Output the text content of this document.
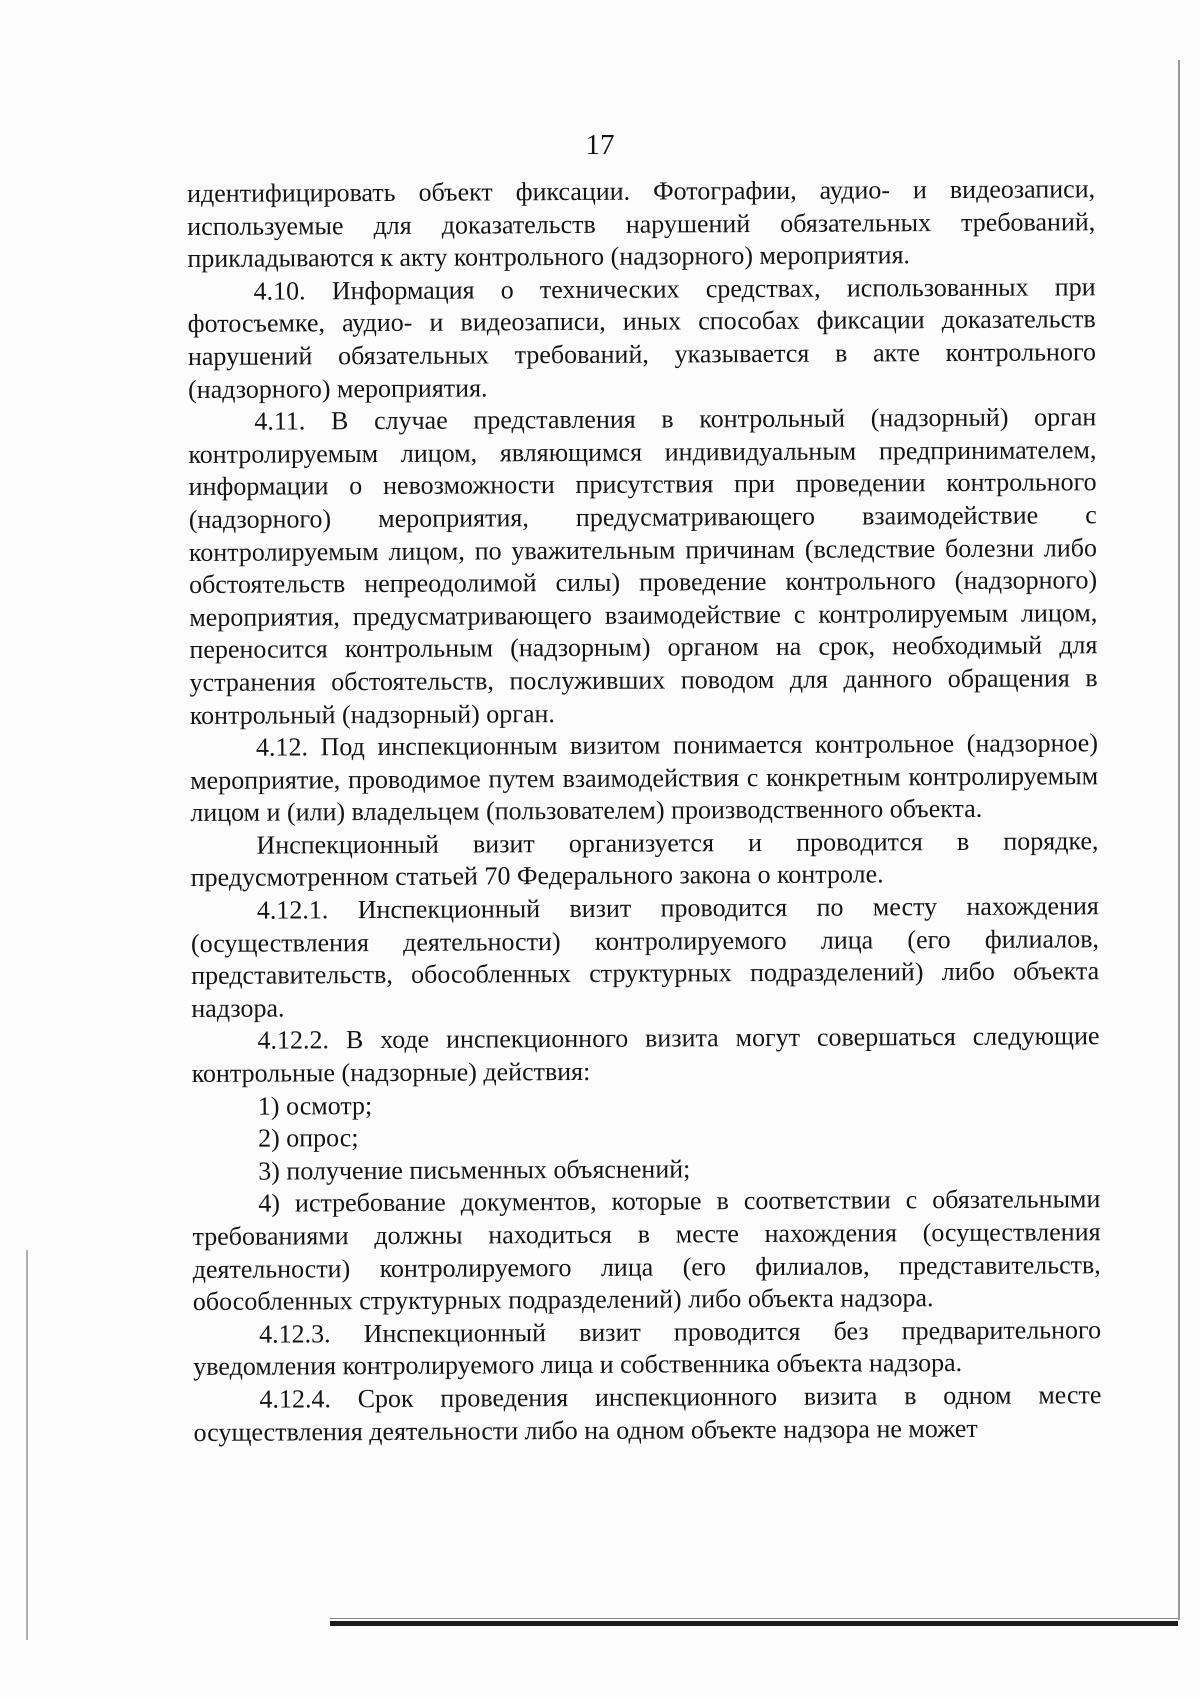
17

идентифицировать объект фиксации. Фотографии, аудио- и видеозаписи, используемые для доказательств нарушений обязательных требований, прикладываются к акту контрольного (надзорного) мероприятия.

4.10. Информация о технических средствах, использованных при фотосъемке, аудио- и видеозаписи, иных способах фиксации доказательств нарушений обязательных требований, указывается в акте контрольного (надзорного) мероприятия.

4.11. В случае представления в контрольный (надзорный) орган контролируемым лицом, являющимся индивидуальным предпринимателем, информации о невозможности присутствия при проведении контрольного (надзорного) мероприятия, предусматривающего взаимодействие с контролируемым лицом, по уважительным причинам (вследствие болезни либо обстоятельств непреодолимой силы) проведение контрольного (надзорного) мероприятия, предусматривающего взаимодействие с контролируемым лицом, переносится контрольным (надзорным) органом на срок, необходимый для устранения обстоятельств, послуживших поводом для данного обращения в контрольный (надзорный) орган.

4.12. Под инспекционным визитом понимается контрольное (надзорное) мероприятие, проводимое путем взаимодействия с конкретным контролируемым лицом и (или) владельцем (пользователем) производственного объекта.

Инспекционный визит организуется и проводится в порядке, предусмотренном статьей 70 Федерального закона о контроле.

4.12.1. Инспекционный визит проводится по месту нахождения (осуществления деятельности) контролируемого лица (его филиалов, представительств, обособленных структурных подразделений) либо объекта надзора.

4.12.2. В ходе инспекционного визита могут совершаться следующие контрольные (надзорные) действия:

1) осмотр;

2) опрос;

3) получение письменных объяснений;

4) истребование документов, которые в соответствии с обязательными требованиями должны находиться в месте нахождения (осуществления деятельности) контролируемого лица (его филиалов, представительств, обособленных структурных подразделений) либо объекта надзора.

4.12.3. Инспекционный визит проводится без предварительного уведомления контролируемого лица и собственника объекта надзора.

4.12.4. Срок проведения инспекционного визита в одном месте осуществления деятельности либо на одном объекте надзора не может
